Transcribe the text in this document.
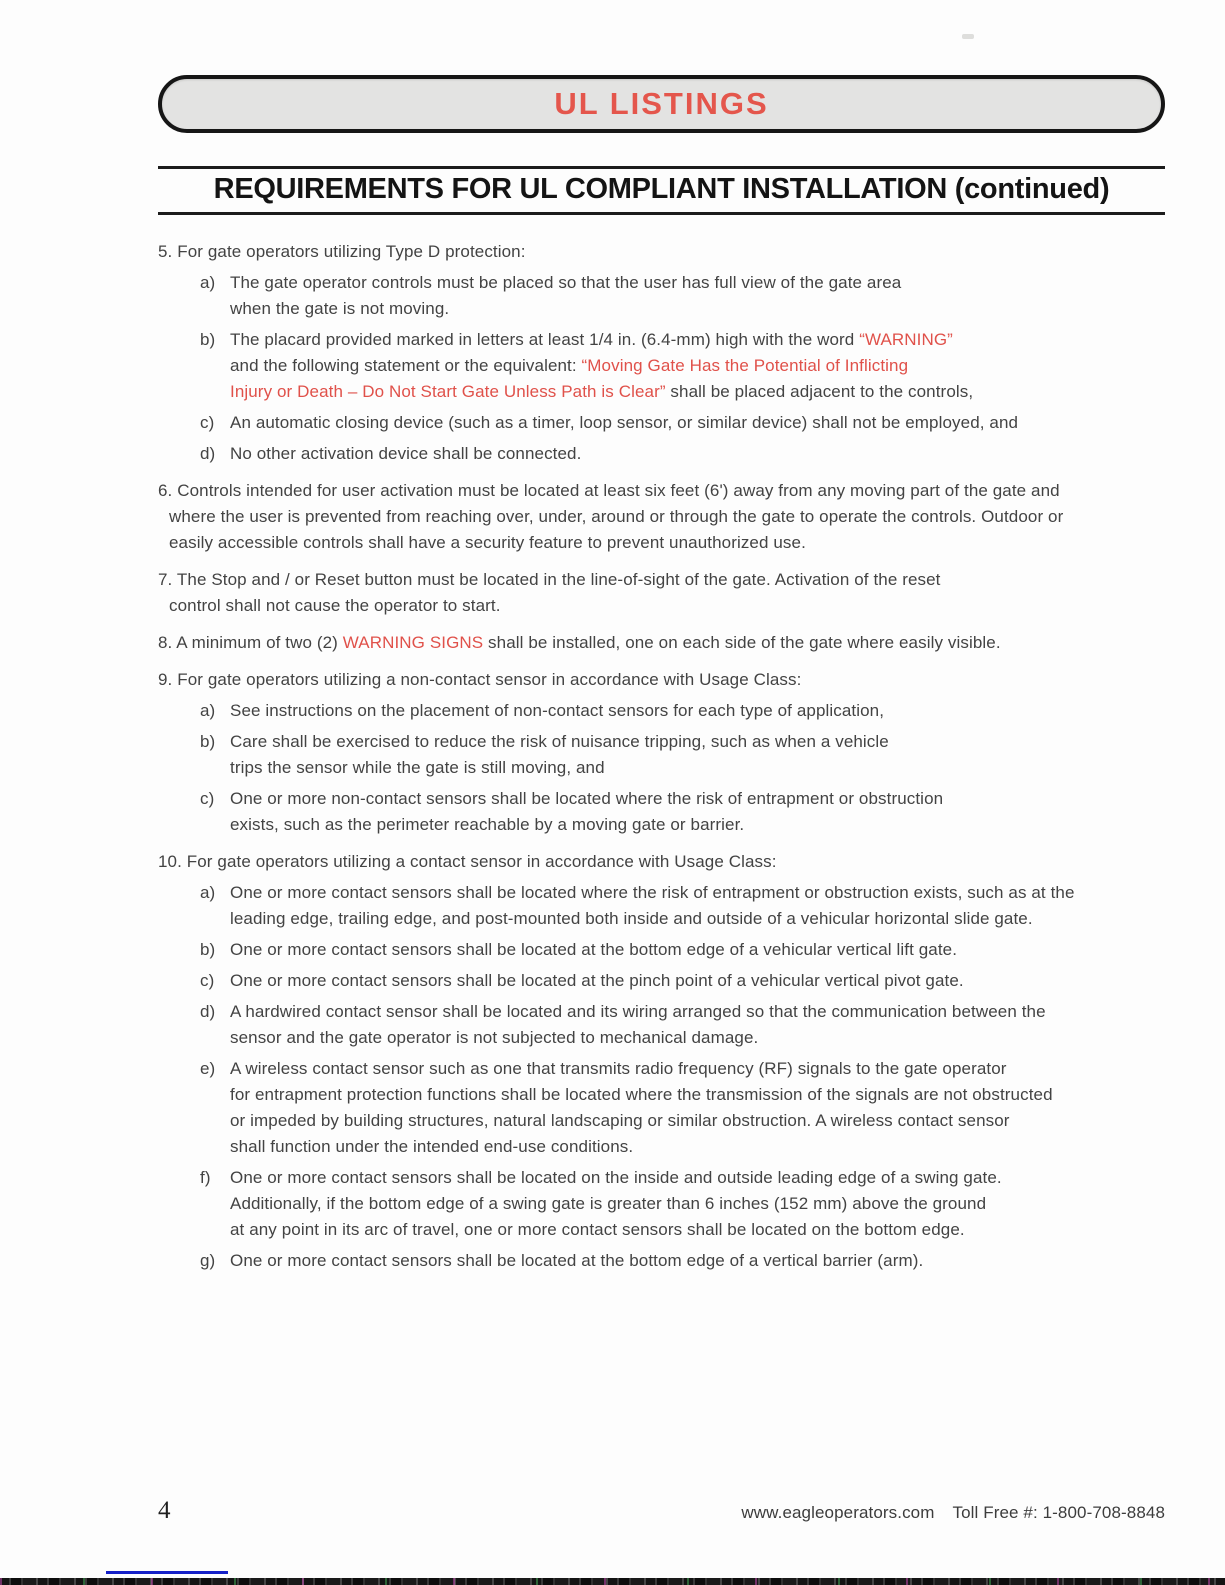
UL LISTINGS
REQUIREMENTS FOR UL COMPLIANT INSTALLATION (continued)
5. For gate operators utilizing Type D protection:
a) The gate operator controls must be placed so that the user has full view of the gate area
when the gate is not moving.
b) The placard provided marked in letters at least 1/4 in. (6.4-mm) high with the word “WARNING”
and the following statement or the equivalent: “Moving Gate Has the Potential of Inflicting
Injury or Death – Do Not Start Gate Unless Path is Clear” shall be placed adjacent to the controls,
c) An automatic closing device (such as a timer, loop sensor, or similar device) shall not be employed, and
d) No other activation device shall be connected.
6. Controls intended for user activation must be located at least six feet (6') away from any moving part of the gate and
where the user is prevented from reaching over, under, around or through the gate to operate the controls. Outdoor or
easily accessible controls shall have a security feature to prevent unauthorized use.
7. The Stop and / or Reset button must be located in the line-of-sight of the gate. Activation of the reset
control shall not cause the operator to start.
8. A minimum of two (2) WARNING SIGNS shall be installed, one on each side of the gate where easily visible.
9. For gate operators utilizing a non-contact sensor in accordance with Usage Class:
a) See instructions on the placement of non-contact sensors for each type of application,
b) Care shall be exercised to reduce the risk of nuisance tripping, such as when a vehicle
trips the sensor while the gate is still moving, and
c) One or more non-contact sensors shall be located where the risk of entrapment or obstruction
exists, such as the perimeter reachable by a moving gate or barrier.
10. For gate operators utilizing a contact sensor in accordance with Usage Class:
a) One or more contact sensors shall be located where the risk of entrapment or obstruction exists, such as at the
leading edge, trailing edge, and post-mounted both inside and outside of a vehicular horizontal slide gate.
b) One or more contact sensors shall be located at the bottom edge of a vehicular vertical lift gate.
c) One or more contact sensors shall be located at the pinch point of a vehicular vertical pivot gate.
d) A hardwired contact sensor shall be located and its wiring arranged so that the communication between the
sensor and the gate operator is not subjected to mechanical damage.
e) A wireless contact sensor such as one that transmits radio frequency (RF) signals to the gate operator
for entrapment protection functions shall be located where the transmission of the signals are not obstructed
or impeded by building structures, natural landscaping or similar obstruction. A wireless contact sensor
shall function under the intended end-use conditions.
f)	One or more contact sensors shall be located on the inside and outside leading edge of a swing gate.
Additionally, if the bottom edge of a swing gate is greater than 6 inches (152 mm) above the ground
at any point in its arc of travel, one or more contact sensors shall be located on the bottom edge.
g) One or more contact sensors shall be located at the bottom edge of a vertical barrier (arm).
4	www.eagleoperators.com Toll Free #: 1-800-708-8848
